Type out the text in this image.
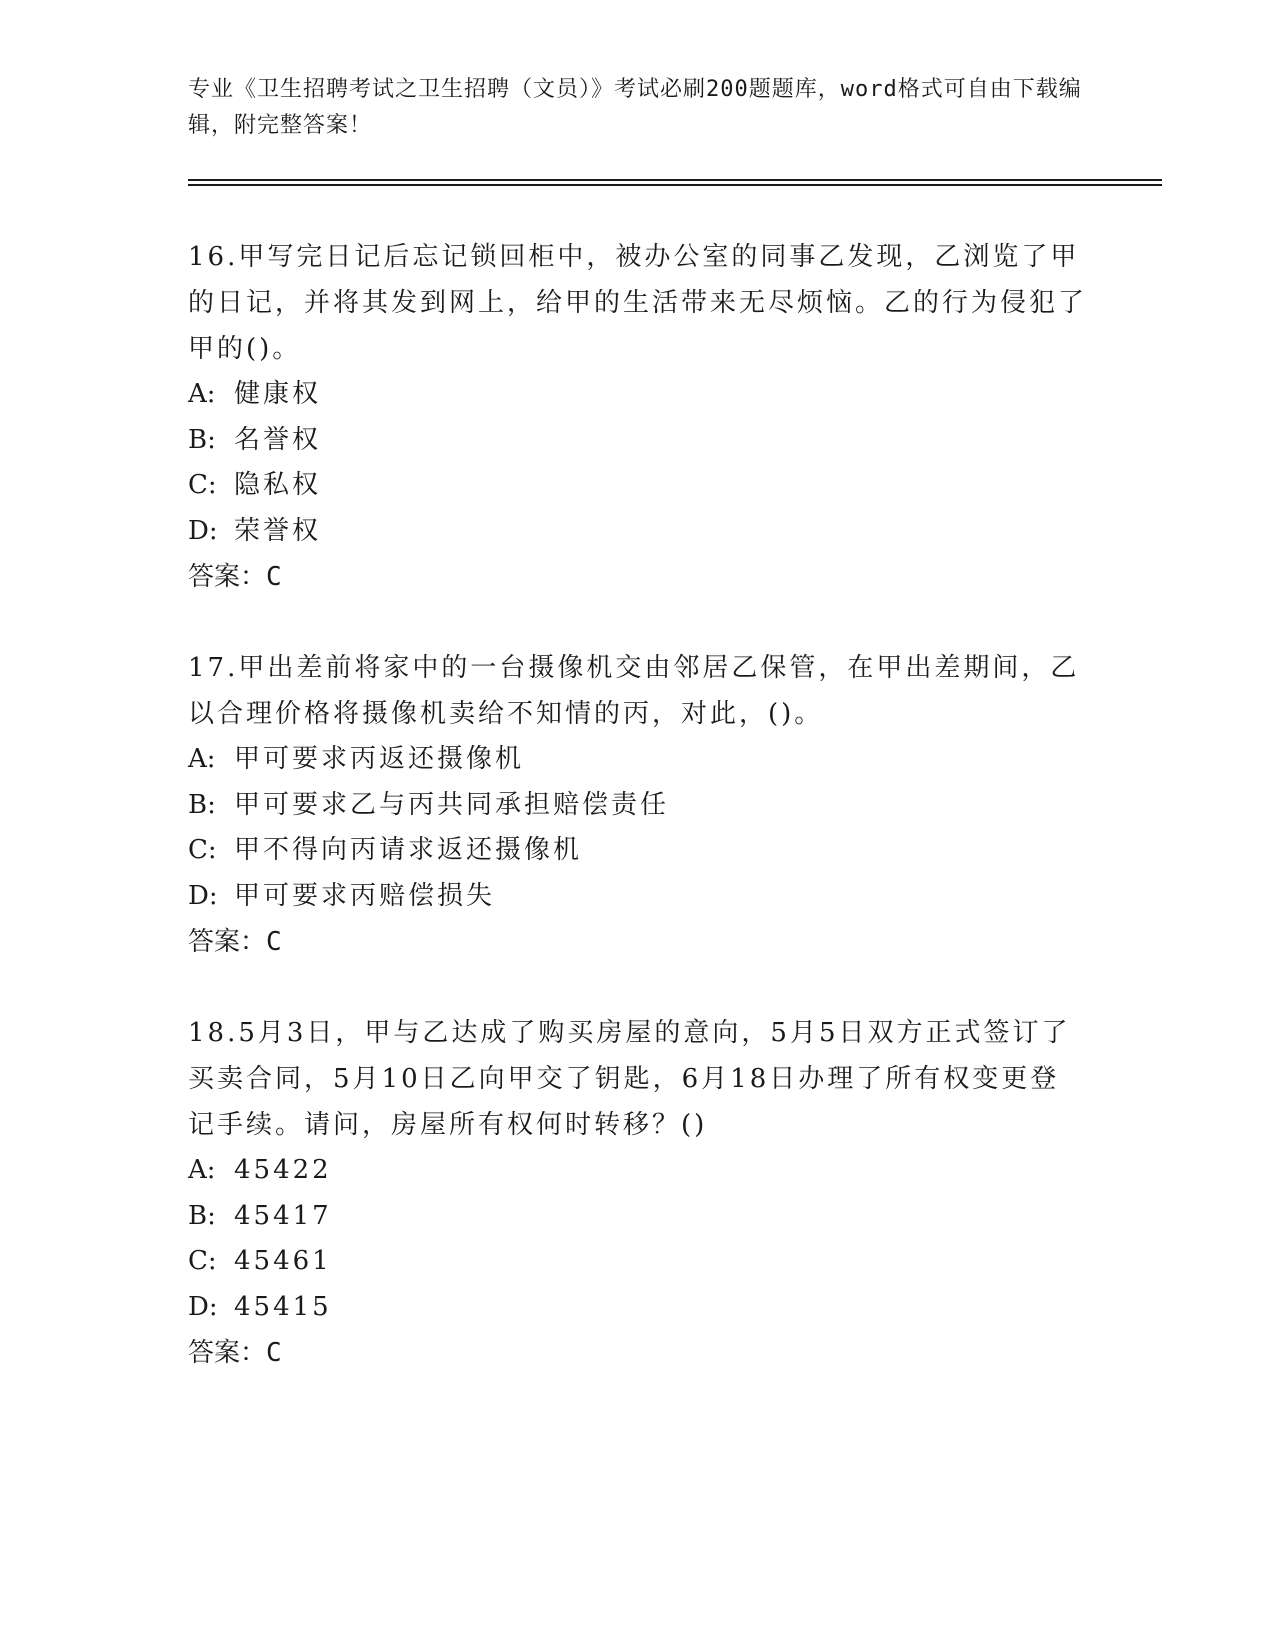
专业《卫生招聘考试之卫生招聘（文员）》考试必刷200题题库，word格式可自由下载编辑，附完整答案！

16.甲写完日记后忘记锁回柜中，被办公室的同事乙发现，乙浏览了甲的日记，并将其发到网上，给甲的生活带来无尽烦恼。乙的行为侵犯了甲的()。

A: 健康权

B: 名誉权

C: 隐私权

D: 荣誉权

答案：C

17.甲出差前将家中的一台摄像机交由邻居乙保管，在甲出差期间，乙以合理价格将摄像机卖给不知情的丙，对此，()。

A: 甲可要求丙返还摄像机

B: 甲可要求乙与丙共同承担赔偿责任

C: 甲不得向丙请求返还摄像机

D: 甲可要求丙赔偿损失

答案：C

18.5月3日，甲与乙达成了购买房屋的意向，5月5日双方正式签订了买卖合同，5月10日乙向甲交了钥匙，6月18日办理了所有权变更登记手续。请问，房屋所有权何时转移？()

A: 45422

B: 45417

C: 45461

D: 45415

答案：C
